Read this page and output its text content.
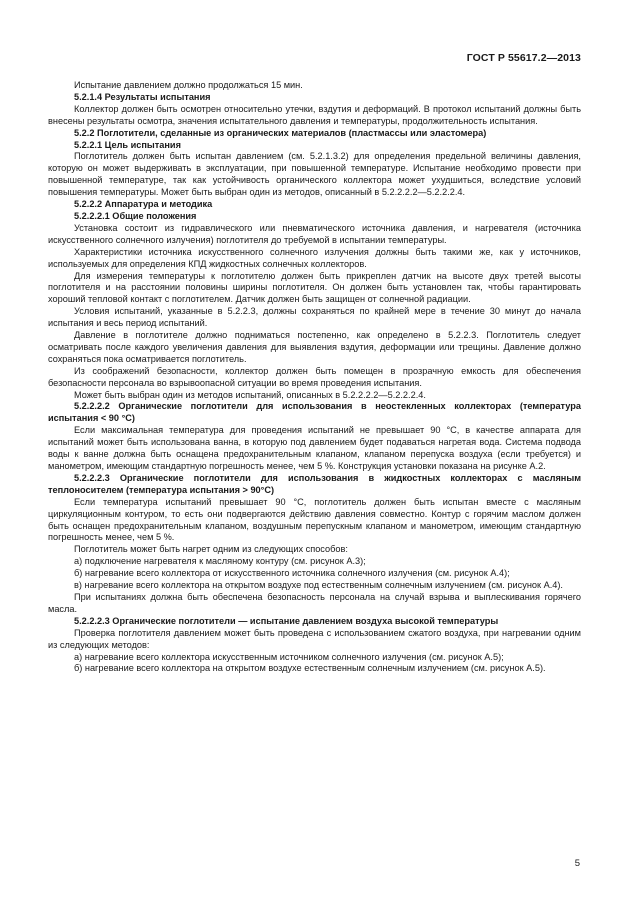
ГОСТ Р 55617.2—2013

Испытание давлением должно продолжаться 15 мин.

5.2.1.4 Результаты испытания

Коллектор должен быть осмотрен относительно утечки, вздутия и деформаций. В протокол испытаний должны быть внесены результаты осмотра, значения испытательного давления и температуры, продолжительность испытания.

5.2.2 Поглотители, сделанные из органических материалов (пластмассы или эластомера)

5.2.2.1 Цель испытания

Поглотитель должен быть испытан давлением (см. 5.2.1.3.2) для определения предельной величины давления, которую он может выдерживать в эксплуатации, при повышенной температуре. Испытание необходимо провести при повышенной температуре, так как устойчивость органического коллектора может ухудшиться, вследствие условий повышения температуры. Может быть выбран один из методов, описанный в 5.2.2.2.2—5.2.2.2.4.

5.2.2.2 Аппаратура и методика

5.2.2.2.1 Общие положения

Установка состоит из гидравлического или пневматического источника давления, и нагревателя (источника искусственного солнечного излучения) поглотителя до требуемой в испытании температуры.

Характеристики источника искусственного солнечного излучения должны быть такими же, как у источников, используемых для определения КПД жидкостных солнечных коллекторов.

Для измерения температуры к поглотителю должен быть прикреплен датчик на высоте двух третей высоты поглотителя и на расстоянии половины ширины поглотителя. Он должен быть установлен так, чтобы гарантировать хороший тепловой контакт с поглотителем. Датчик должен быть защищен от солнечной радиации.

Условия испытаний, указанные в 5.2.2.3, должны сохраняться по крайней мере в течение 30 минут до начала испытания и весь период испытаний.

Давление в поглотителе должно подниматься постепенно, как определено в 5.2.2.3. Поглотитель следует осматривать после каждого увеличения давления для выявления вздутия, деформации или трещины. Давление должно сохраняться пока осматривается поглотитель.

Из соображений безопасности, коллектор должен быть помещен в прозрачную емкость для обеспечения безопасности персонала во взрывоопасной ситуации во время проведения испытания.

Может быть выбран один из методов испытаний, описанных в 5.2.2.2.2—5.2.2.2.4.

5.2.2.2.2 Органические поглотители для использования в неостекленных коллекторах (температура испытания < 90 °С)

Если максимальная температура для проведения испытаний не превышает 90 °С, в качестве аппарата для испытаний может быть использована ванна, в которую под давлением будет подаваться нагретая вода. Система подвода воды к ванне должна быть оснащена предохранительным клапаном, клапаном перепуска воздуха (если требуется) и манометром, имеющим стандартную погрешность менее, чем 5 %. Конструкция установки показана на рисунке А.2.

5.2.2.2.3 Органические поглотители для использования в жидкостных коллекторах с масляным теплоносителем (температура испытания > 90°С)

Если температура испытаний превышает 90 °С, поглотитель должен быть испытан вместе с масляным циркуляционным контуром, то есть они подвергаются действию давления совместно. Контур с горячим маслом должен быть оснащен предохранительным клапаном, воздушным перепускным клапаном и манометром, имеющим стандартную погрешность менее, чем 5 %.

Поглотитель может быть нагрет одним из следующих способов:

а) подключение нагревателя к масляному контуру (см. рисунок А.3);

б) нагревание всего коллектора от искусственного источника солнечного излучения (см. рисунок А.4);

в) нагревание всего коллектора на открытом воздухе под естественным солнечным излучением (см. рисунок А.4).

При испытаниях должна быть обеспечена безопасность персонала на случай взрыва и выплескивания горячего масла.

5.2.2.2.3 Органические поглотители — испытание давлением воздуха высокой температуры

Проверка поглотителя давлением может быть проведена с использованием сжатого воздуха, при нагревании одним из следующих методов:

а) нагревание всего коллектора искусственным источником солнечного излучения (см. рисунок А.5);

б) нагревание всего коллектора на открытом воздухе естественным солнечным излучением (см. рисунок А.5).

5
